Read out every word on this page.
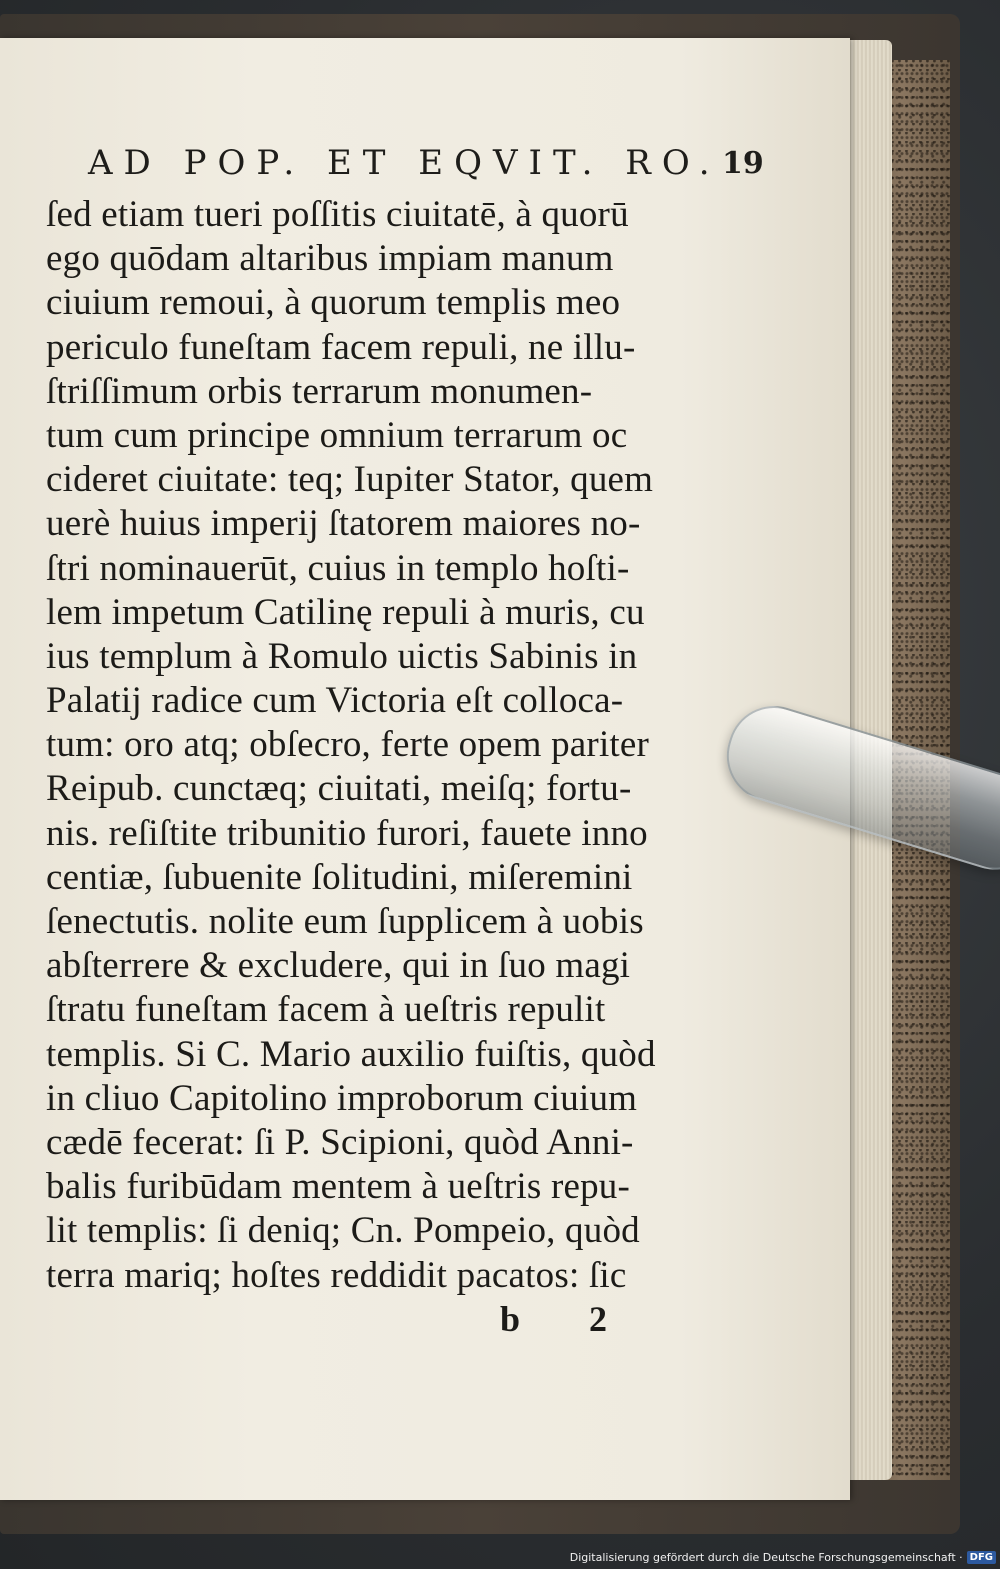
AD POP. ET EQVIT. RO. 19
ſed etiam tueri poſſitis ciuitatē, à quorū
ego quōdam altaribus impiam manum
ciuium remoui, à quorum templis meo
periculo funeſtam facem repuli, ne illu-
ſtriſſimum orbis terrarum monumen-
tum cum principe omnium terrarum oc
cideret ciuitate: teq; Iupiter Stator, quem
uerè huius imperij ſtatorem maiores no-
ſtri nominauerūt, cuius in templo hoſti-
lem impetum Catilinę repuli à muris, cu
ius templum à Romulo uictis Sabinis in
Palatij radice cum Victoria eſt colloca-
tum: oro atq; obſecro, ferte opem pariter
Reipub. cunctæq; ciuitati, meiſq; fortu-
nis. reſiſtite tribunitio furori, fauete inno
centiæ, ſubuenite ſolitudini, miſeremini
ſenectutis. nolite eum ſupplicem à uobis
abſterrere & excludere, qui in ſuo magi
ſtratu funeſtam facem à ueſtris repulit
templis. Si C. Mario auxilio fuiſtis, quòd
in cliuo Capitolino improborum ciuium
cædē fecerat: ſi P. Scipioni, quòd Anni-
balis furibūdam mentem à ueſtris repu-
lit templis: ſi deniq; Cn. Pompeio, quòd
terra mariq; hoſtes reddidit pacatos: ſic
b 2
Digitalisierung gefördert durch die Deutsche Forschungsgemeinschaft · DFG
